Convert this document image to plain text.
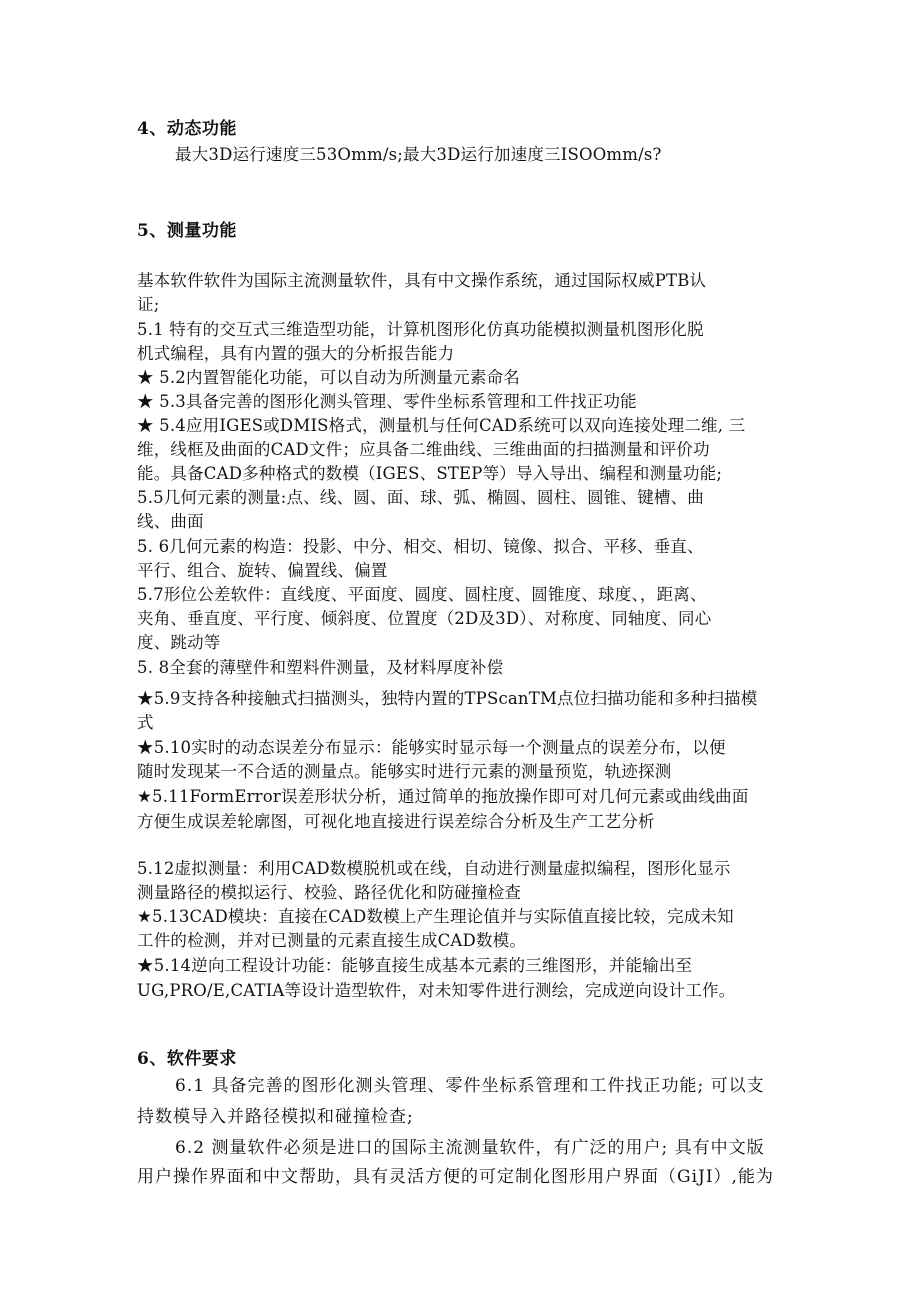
4、动态功能
最大3D运行速度三53Omm/s;最大3D运行加速度三ISOOmm/s?
5、测量功能
基本软件软件为国际主流测量软件，具有中文操作系统，通过国际权威PTB认
证;
5.1 特有的交互式三维造型功能，计算机图形化仿真功能模拟测量机图形化脱
机式编程，具有内置的强大的分析报告能力
★ 5.2内置智能化功能，可以自动为所测量元素命名
★ 5.3具备完善的图形化测头管理、零件坐标系管理和工件找正功能
★ 5.4应用IGES或DMIS格式，测量机与任何CAD系统可以双向连接处理二维, 三
维，线框及曲面的CAD文件；应具备二维曲线、三维曲面的扫描测量和评价功
能。具备CAD多种格式的数模（IGES、STEP等）导入导出、编程和测量功能;
5.5几何元素的测量:点、线、圆、面、球、弧、椭圆、圆柱、圆锥、键槽、曲
线、曲面
5. 6几何元素的构造：投影、中分、相交、相切、镜像、拟合、平移、垂直、
平行、组合、旋转、偏置线、偏置
5.7形位公差软件：直线度、平面度、圆度、圆柱度、圆锥度、球度、，距离、
夹角、垂直度、平行度、倾斜度、位置度（2D及3D）、对称度、同轴度、同心
度、跳动等
5. 8全套的薄壁件和塑料件测量，及材料厚度补偿
★5.9支持各种接触式扫描测头，独特内置的TPScanTM点位扫描功能和多种扫描模
式
★5.10实时的动态误差分布显示：能够实时显示每一个测量点的误差分布，以便
随时发现某一不合适的测量点。能够实时进行元素的测量预览，轨迹探测
★5.11FormError误差形状分析，通过简单的拖放操作即可对几何元素或曲线曲面
方便生成误差轮廓图，可视化地直接进行误差综合分析及生产工艺分析
5.12虚拟测量：利用CAD数模脱机或在线，自动进行测量虚拟编程，图形化显示
测量路径的模拟运行、校验、路径优化和防碰撞检查
★5.13CAD模块：直接在CAD数模上产生理论值并与实际值直接比较，完成未知
工件的检测，并对已测量的元素直接生成CAD数模。
★5.14逆向工程设计功能：能够直接生成基本元素的三维图形，并能输出至
UG,PRO/E,CATIA等设计造型软件，对未知零件进行测绘，完成逆向设计工作。
6、软件要求
6.1 具备完善的图形化测头管理、零件坐标系管理和工件找正功能; 可以支
持数模导入并路径模拟和碰撞检查;
6.2 测量软件必须是进口的国际主流测量软件，有广泛的用户; 具有中文版
用户操作界面和中文帮助，具有灵活方便的可定制化图形用户界面（GiJI）,能为
